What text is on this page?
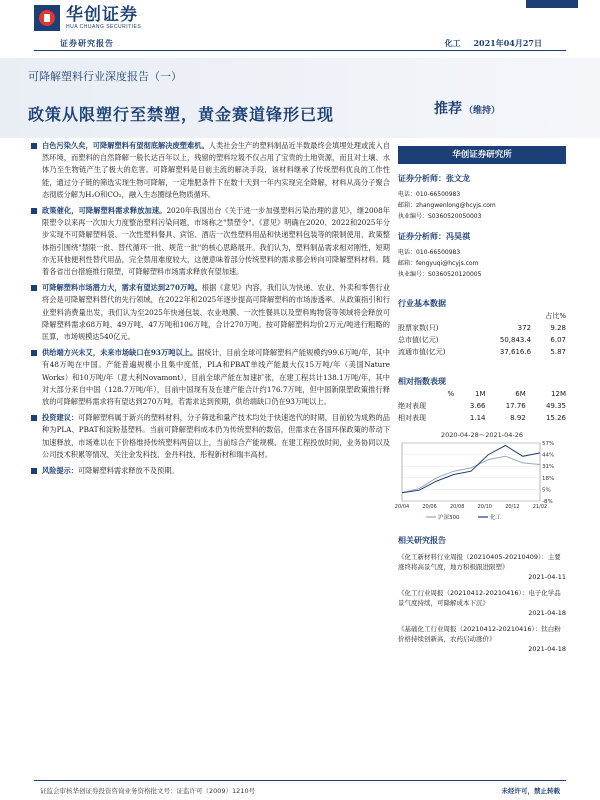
华创证券
HUA CHUANG SECURITIES
证券研究报告	化工 2021年04月27日
可降解塑料行业深度报告（一）
政策从限塑行至禁塑，黄金赛道锋形已现	推荐 （维持）

白色污染久矣，可降解塑料有望彻底解决废塑难机。人类社会生产的塑料制品近半数最终会填埋处理或流入自然环境，而塑料的自然降解一般长达百年以上，残留的塑料垃圾不仅占用了宝贵的土地资源，而且对土壤、水体乃至生物链产生了极大的危害。可降解塑料是目前主流的解决手段，该材料继承了传统塑料优良的工作性能，通过分子链的筛选实现生物可降解，一定堆肥条件下在数十天到一年内实现完全降解，材料从高分子聚合态彻底分解为H₂O和CO₂，融入生态圈绿色物质循环。

政策催化，可降解塑料需求释放加速。2020年我国出台《关于进一步加强塑料污染治理的意见》，继2008年限塑令以来再一次加大力度整治塑料污染问题，市场称之"禁塑令"。《意见》明确在2020、2022和2025年分步实现不可降解塑料袋、一次性塑料餐具、宾馆、酒店一次性塑料用品和快递塑料包装等的限制使用，政策整体指引围绕"禁限一批、替代循环一批、规范一批"的核心思路展开。我们认为，塑料制品需求相对刚性，短期亦无其他便利性替代用品，完全禁用难度较大，这便意味着部分传统塑料的需求都会转向可降解塑料材料。随着各省出台措施推行限塑，可降解塑料市场需求释放有望加速。

可降解塑料市场潜力大，需求有望达到270万吨。根据《意见》内容，我们认为快递、农业、外卖和零售行业将会是可降解塑料替代的先行领域，在2022年和2025年逐步提高可降解塑料的市场渗透率。从政策指引和行业塑料消费量出发，我们认为至2025年快递包装、农业地膜、一次性餐具以及塑料购物袋等领域将会释放可降解塑料需求68万吨、49万吨、47万吨和106万吨，合计270万吨。按可降解塑料均价2万元/吨进行粗略的匡算，市场规模达540亿元。

供给端方兴未艾，未来市场缺口在93万吨以上。据统计，目前全球可降解塑料产能规模约99.6万吨/年，其中有48万吨在中国。产能普遍规模小且集中度低，PLA和PBAT单线产能最大仅15万吨/年（美国Nature Works）和10万吨/年（意大利Novamont），目前全球产能在加速扩张，在建工程共计138.1万吨/年，其中对大部分来自中国（128.7万吨/年），目前中国现有及在建产能合计约176.7万吨，但中国新限塑政策推行释放的可降解塑料需求将有望达到270万吨，若需求达到预期，供给端缺口仍在93万吨以上。

投资建议：可降解塑料属于新兴的塑料材料，分子筛选和量产技术均处于快速迭代的时期，目前较为成熟的品种为PLA、PBAT和淀粉基塑料。当前可降解塑料成本仍为传统塑料的数倍，但需求在各国环保政策的带动下加速释放，市场难以在下价格维持传统塑料两倍以上，当前综合产能规模、在建工程投放时间，业务协同以及公司技术积累等情况，关注金发科技、金丹科技、彤程新材和瑞丰高材。

风险提示：可降解塑料需求释放不及预期。

华创证券研究所
证券分析师：张文龙
电话：010-66500983
邮箱：zhangwenlong@hcyjs.com
执业编号：S0360520050003
证券分析师：冯昊祺
电话：010-66500983
邮箱：fengyuqi@hcyjs.com
执业编号：S0360520120005
行业基本数据
		占比%
股票家数(只)	372	9.28
总市值(亿元)	50,843.4	6.07
流通市值(亿元)	37,616.6	5.87
相对指数表现
%	1M	6M	12M
绝对表现	3.66	17.76	49.35
相对表现	1.14	8.92	15.26
2020-04-28～2021-04-26
57%
44%
31%
18%
5%
-8%
20/04	20/06	20/08	20/10	20/12	21/02
沪深300	化工
相关研究报告
《化工新材料行业周报（20210405-20210409）：主要涨终将高景气度，地方积极跟进限塑》
2021-04-11
《化工行业周报（20210412-20210416）：电子化学品景气度持续，可降解成本下沉》
2021-04-18
《基础化工行业周报（20210412-20210416）：钛白粉价格持续创新高，农药启动涨价》
2021-04-18
证监会审核华创证券投资咨询业务资格批文号：证监许可（2009）1210号	未经许可，禁止转载
